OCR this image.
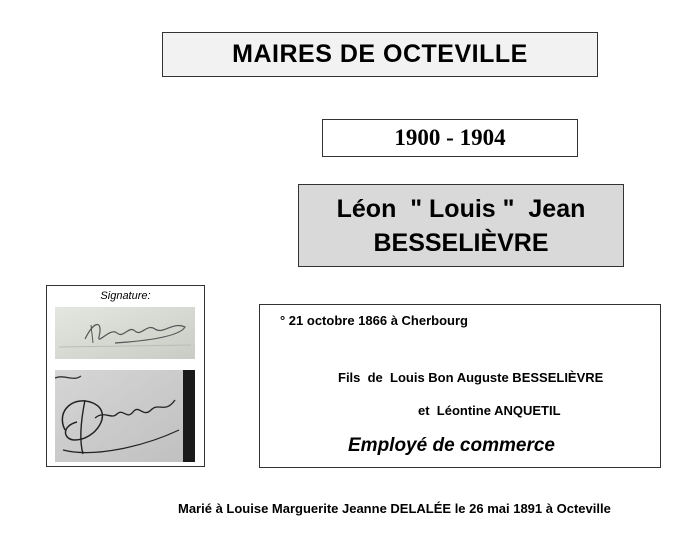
MAIRES DE OCTEVILLE
1900 - 1904
Léon  " Louis "  Jean
BESSELIÈVRE
Signature:
° 21 octobre 1866 à Cherbourg
Fils  de  Louis Bon Auguste BESSELIÈVRE
et  Léontine ANQUETIL
Employé de commerce
Marié à Louise Marguerite Jeanne DELALÉE le 26 mai 1891 à Octeville
